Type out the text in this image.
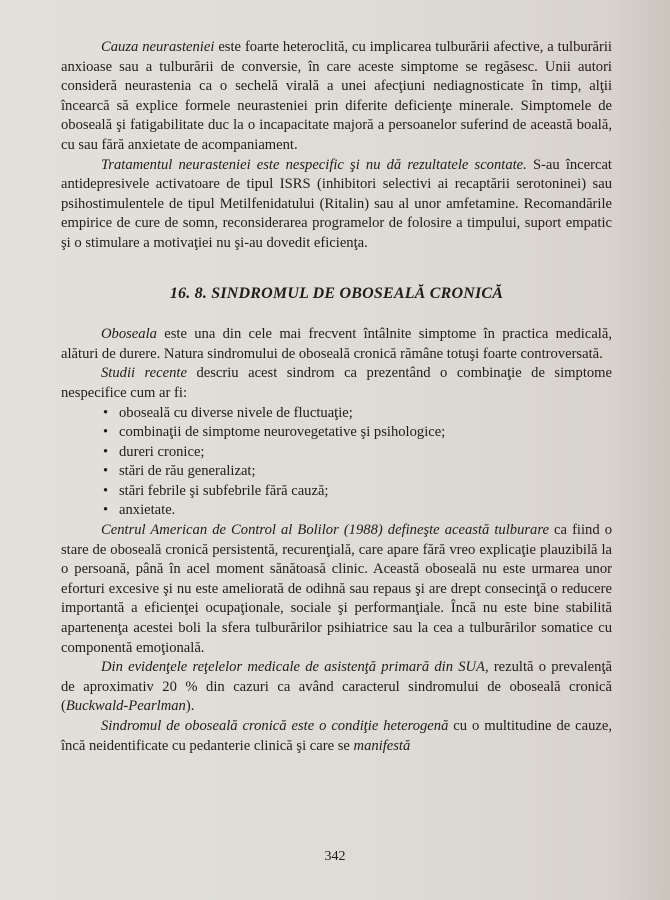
Cauza neurasteniei este foarte heteroclită, cu implicarea tulburării afective, a tulburării anxioase sau a tulburării de conversie, în care aceste simptome se regăsesc. Unii autori consideră neurastenia ca o sechelă virală a unei afecţiuni nediagnosticate în timp, alţii încearcă să explice formele neurasteniei prin diferite deficienţe minerale. Simptomele de oboseală şi fatigabilitate duc la o incapacitate majoră a persoanelor suferind de această boală, cu sau fără anxietate de acompaniament.

Tratamentul neurasteniei este nespecific şi nu dă rezultatele scontate. S-au încercat antidepresivele activatoare de tipul ISRS (inhibitori selectivi ai recaptării serotoninei) sau psihostimulentele de tipul Metilfenidatului (Ritalin) sau al unor amfetamine. Recomandările empirice de cure de somn, reconsiderarea programelor de folosire a timpului, suport empatic şi o stimulare a motivaţiei nu şi-au dovedit eficienţa.

16. 8. SINDROMUL DE OBOSEALĂ CRONICĂ

Oboseala este una din cele mai frecvent întâlnite simptome în practica medicală, alături de durere. Natura sindromului de oboseală cronică rămâne totuşi foarte controversată.

Studii recente descriu acest sindrom ca prezentând o combinaţie de simptome nespecifice cum ar fi:

• oboseală cu diverse nivele de fluctuaţie;
• combinaţii de simptome neurovegetative şi psihologice;
• dureri cronice;
• stări de rău generalizat;
• stări febrile şi subfebrile fără cauză;
• anxietate.

Centrul American de Control al Bolilor (1988) defineşte această tulburare ca fiind o stare de oboseală cronică persistentă, recurenţială, care apare fără vreo explicaţie plauzibilă la o persoană, până în acel moment sănătoasă clinic. Această oboseală nu este urmarea unor eforturi excesive şi nu este ameliorată de odihnă sau repaus şi are drept consecinţă o reducere importantă a eficienţei ocupaţionale, sociale şi performanţiale. Încă nu este bine stabilită apartenenţa acestei boli la sfera tulburărilor psihiatrice sau la cea a tulburărilor somatice cu componentă emoţională.

Din evidenţele reţelelor medicale de asistenţă primară din SUA, rezultă o prevalenţă de aproximativ 20 % din cazuri ca având caracterul sindromului de oboseală cronică (Buckwald-Pearlman).

Sindromul de oboseală cronică este o condiţie heterogenă cu o multitudine de cauze, încă neidentificate cu pedanterie clinică şi care se manifestă

342
